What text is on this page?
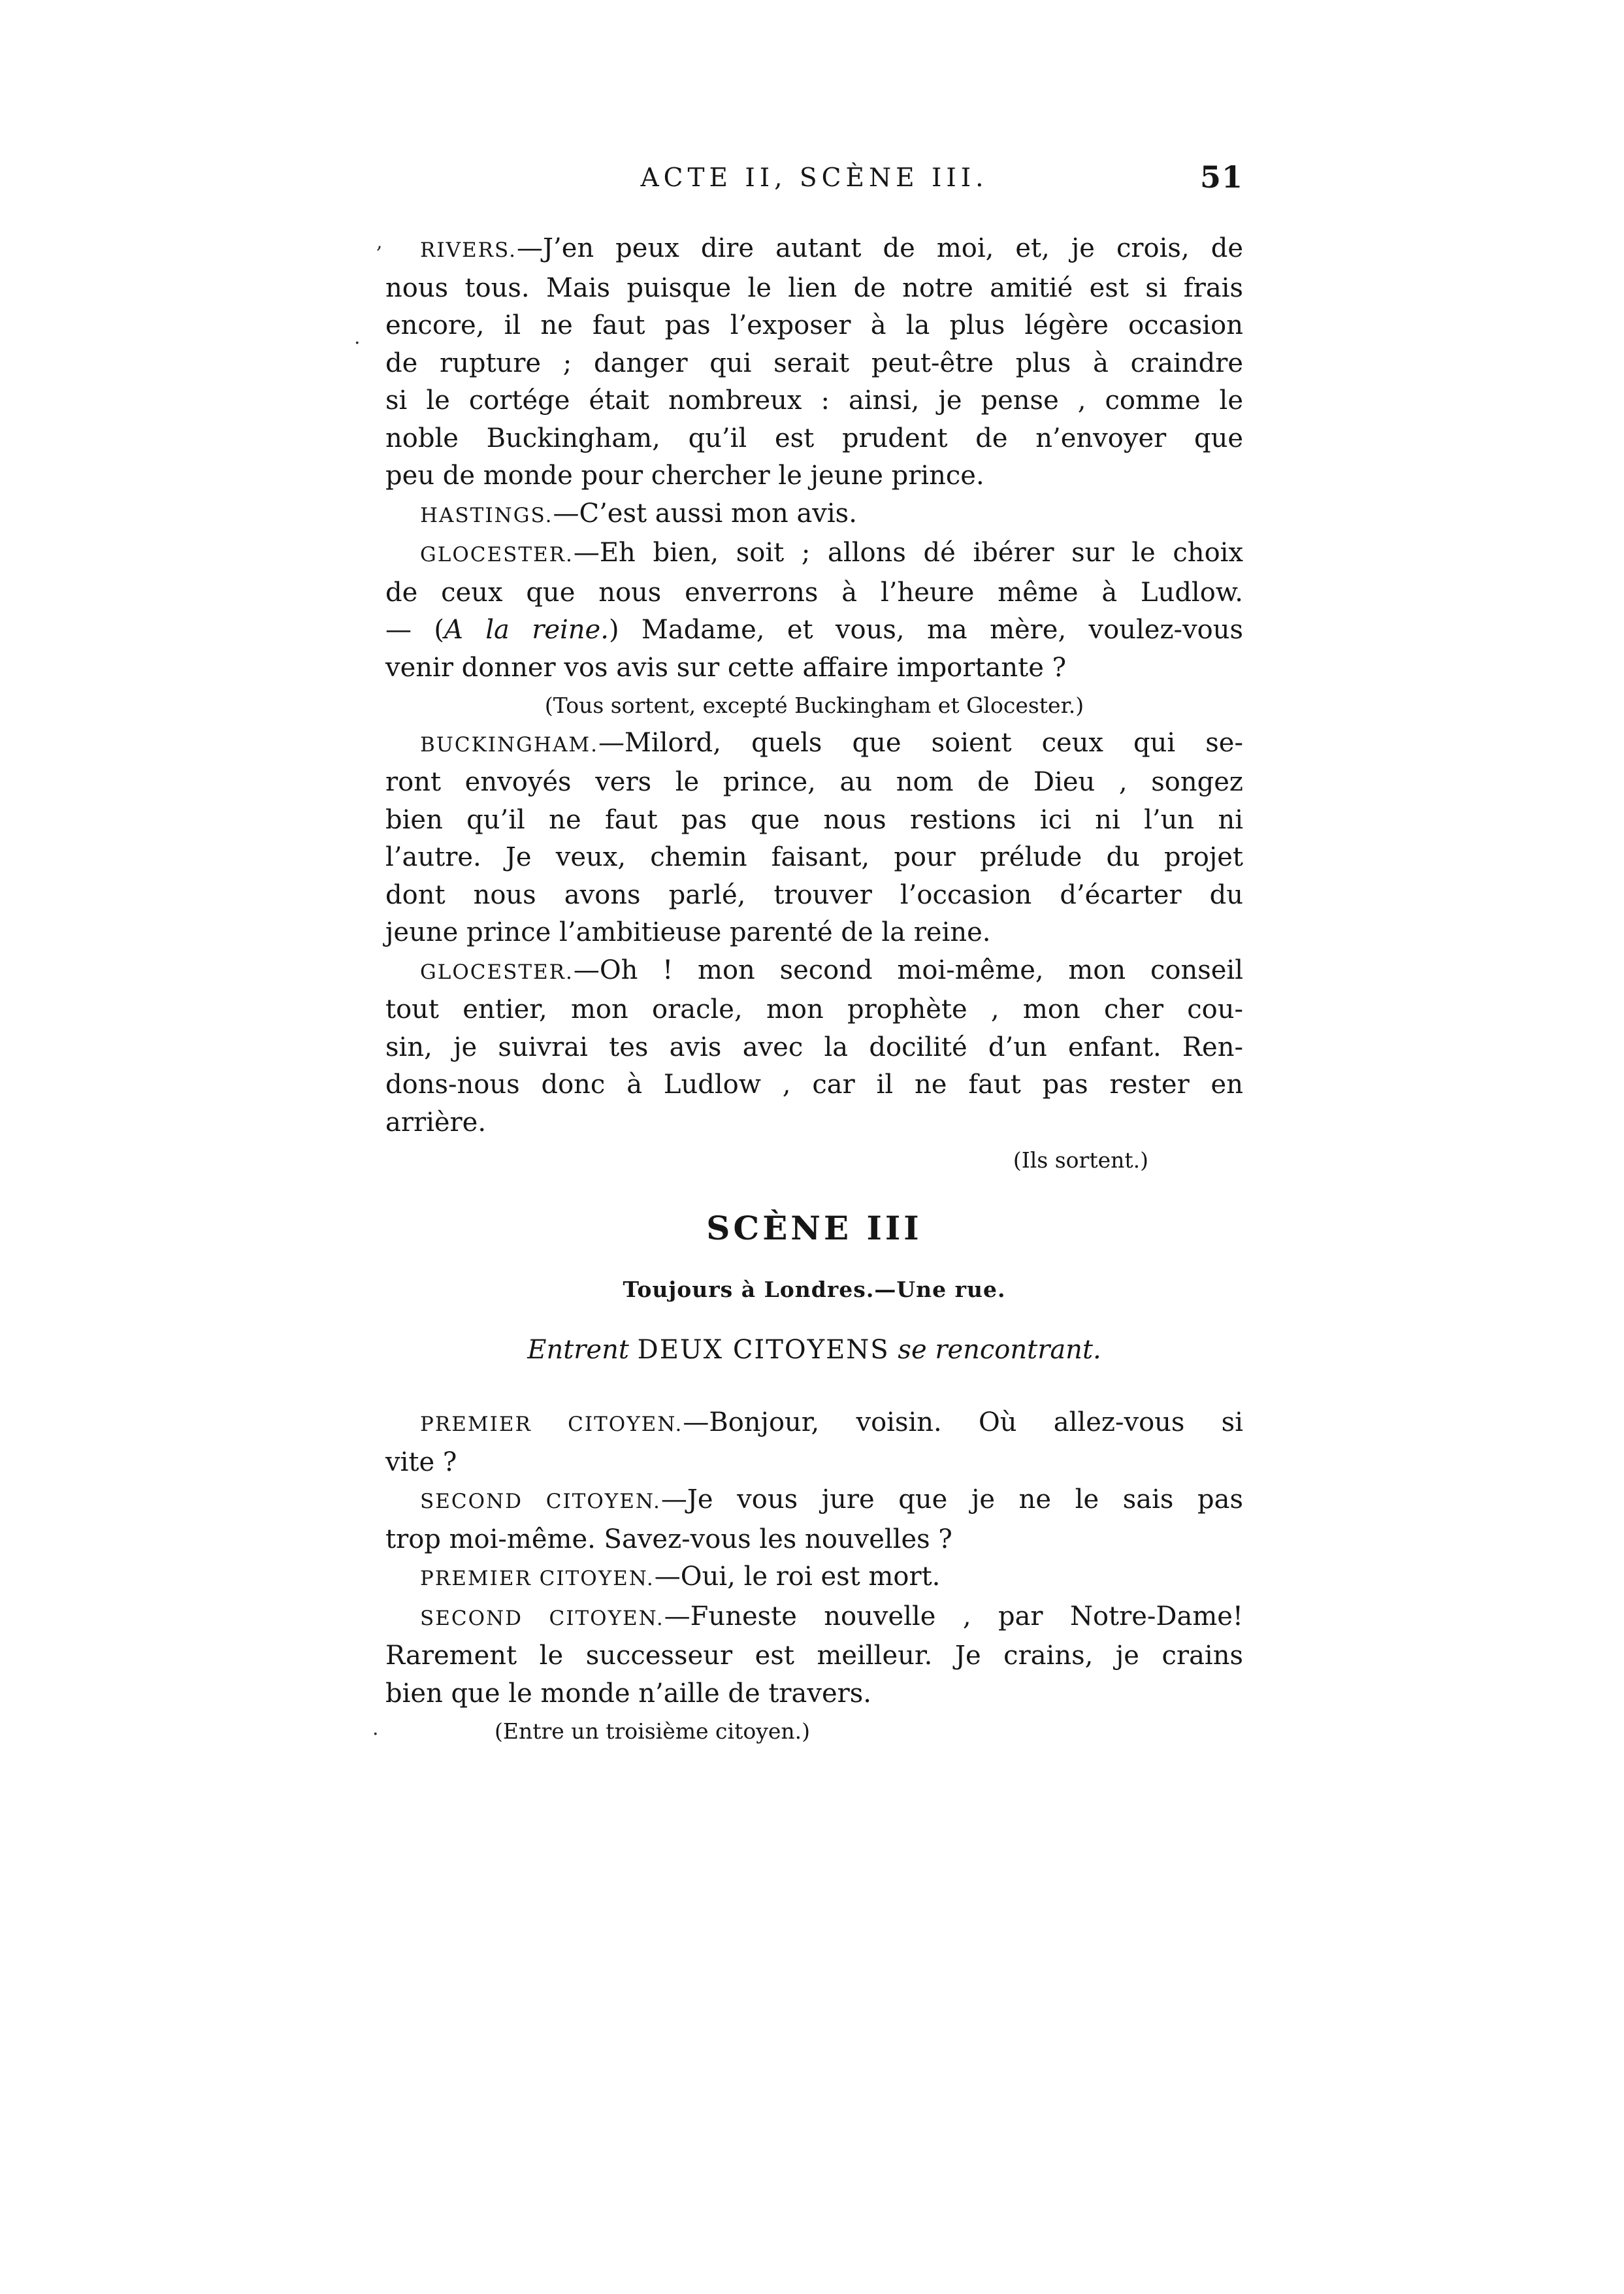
ACTE II, SCÈNE III.	51
,
.
·

RIVERS.—J’en peux dire autant de moi, et, je crois, de
nous tous. Mais puisque le lien de notre amitié est si frais
encore, il ne faut pas l’exposer à la plus légère occasion
de rupture ; danger qui serait peut-être plus à craindre
si le cortége était nombreux : ainsi, je pense , comme le
noble Buckingham, qu’il est prudent de n’envoyer que
peu de monde pour chercher le jeune prince.

HASTINGS.—C’est aussi mon avis.

GLOCESTER.—Eh bien, soit ; allons dé ibérer sur le choix
de ceux que nous enverrons à l’heure même à Ludlow.
— (A la reine.) Madame, et vous, ma mère, voulez-vous
venir donner vos avis sur cette affaire importante ?

(Tous sortent, excepté Buckingham et Glocester.)

BUCKINGHAM.—Milord, quels que soient ceux qui se-
ront envoyés vers le prince, au nom de Dieu , songez
bien qu’il ne faut pas que nous restions ici ni l’un ni
l’autre. Je veux, chemin faisant, pour prélude du projet
dont nous avons parlé, trouver l’occasion d’écarter du
jeune prince l’ambitieuse parenté de la reine.

GLOCESTER.—Oh ! mon second moi-même, mon conseil
tout entier, mon oracle, mon prophète , mon cher cou-
sin, je suivrai tes avis avec la docilité d’un enfant. Ren-
dons-nous donc à Ludlow , car il ne faut pas rester en
arrière.

(Ils sortent.)

SCÈNE III
Toujours à Londres.—Une rue.
Entrent DEUX CITOYENS se rencontrant.

PREMIER CITOYEN.—Bonjour, voisin. Où allez-vous si
vite ?

SECOND CITOYEN.—Je vous jure que je ne le sais pas
trop moi-même. Savez-vous les nouvelles ?

PREMIER CITOYEN.—Oui, le roi est mort.

SECOND CITOYEN.—Funeste nouvelle , par Notre-Dame!
Rarement le successeur est meilleur. Je crains, je crains
bien que le monde n’aille de travers.

(Entre un troisième citoyen.)
